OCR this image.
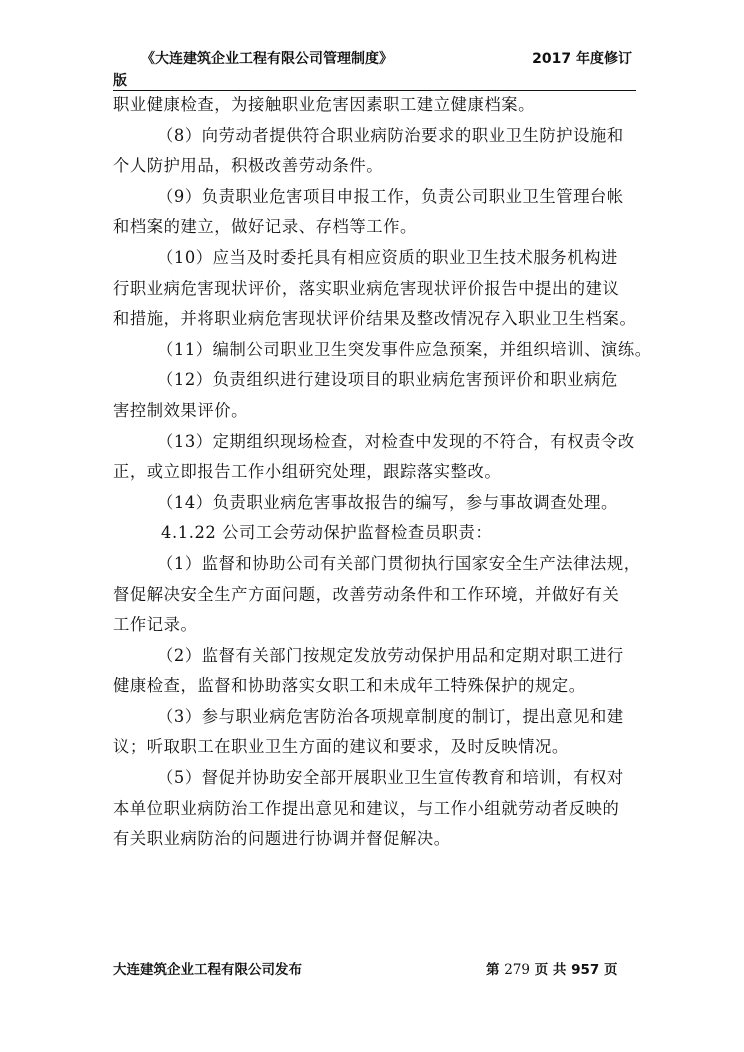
《大连建筑企业工程有限公司管理制度》	2017 年度修订
版

职业健康检查，为接触职业危害因素职工建立健康档案。

（8）向劳动者提供符合职业病防治要求的职业卫生防护设施和

个人防护用品，积极改善劳动条件。

（9）负责职业危害项目申报工作，负责公司职业卫生管理台帐

和档案的建立，做好记录、存档等工作。

（10）应当及时委托具有相应资质的职业卫生技术服务机构进

行职业病危害现状评价，落实职业病危害现状评价报告中提出的建议

和措施，并将职业病危害现状评价结果及整改情况存入职业卫生档案。

（11）编制公司职业卫生突发事件应急预案，并组织培训、演练。

（12）负责组织进行建设项目的职业病危害预评价和职业病危

害控制效果评价。

（13）定期组织现场检查，对检查中发现的不符合，有权责令改

正，或立即报告工作小组研究处理，跟踪落实整改。

（14）负责职业病危害事故报告的编写，参与事故调查处理。

4.1.22 公司工会劳动保护监督检查员职责：

（1）监督和协助公司有关部门贯彻执行国家安全生产法律法规，

督促解决安全生产方面问题，改善劳动条件和工作环境，并做好有关

工作记录。

（2）监督有关部门按规定发放劳动保护用品和定期对职工进行

健康检查，监督和协助落实女职工和未成年工特殊保护的规定。

（3）参与职业病危害防治各项规章制度的制订，提出意见和建

议；听取职工在职业卫生方面的建议和要求，及时反映情况。

（5）督促并协助安全部开展职业卫生宣传教育和培训，有权对

本单位职业病防治工作提出意见和建议，与工作小组就劳动者反映的

有关职业病防治的问题进行协调并督促解决。

大连建筑企业工程有限公司发布	第 279 页 共 957 页
